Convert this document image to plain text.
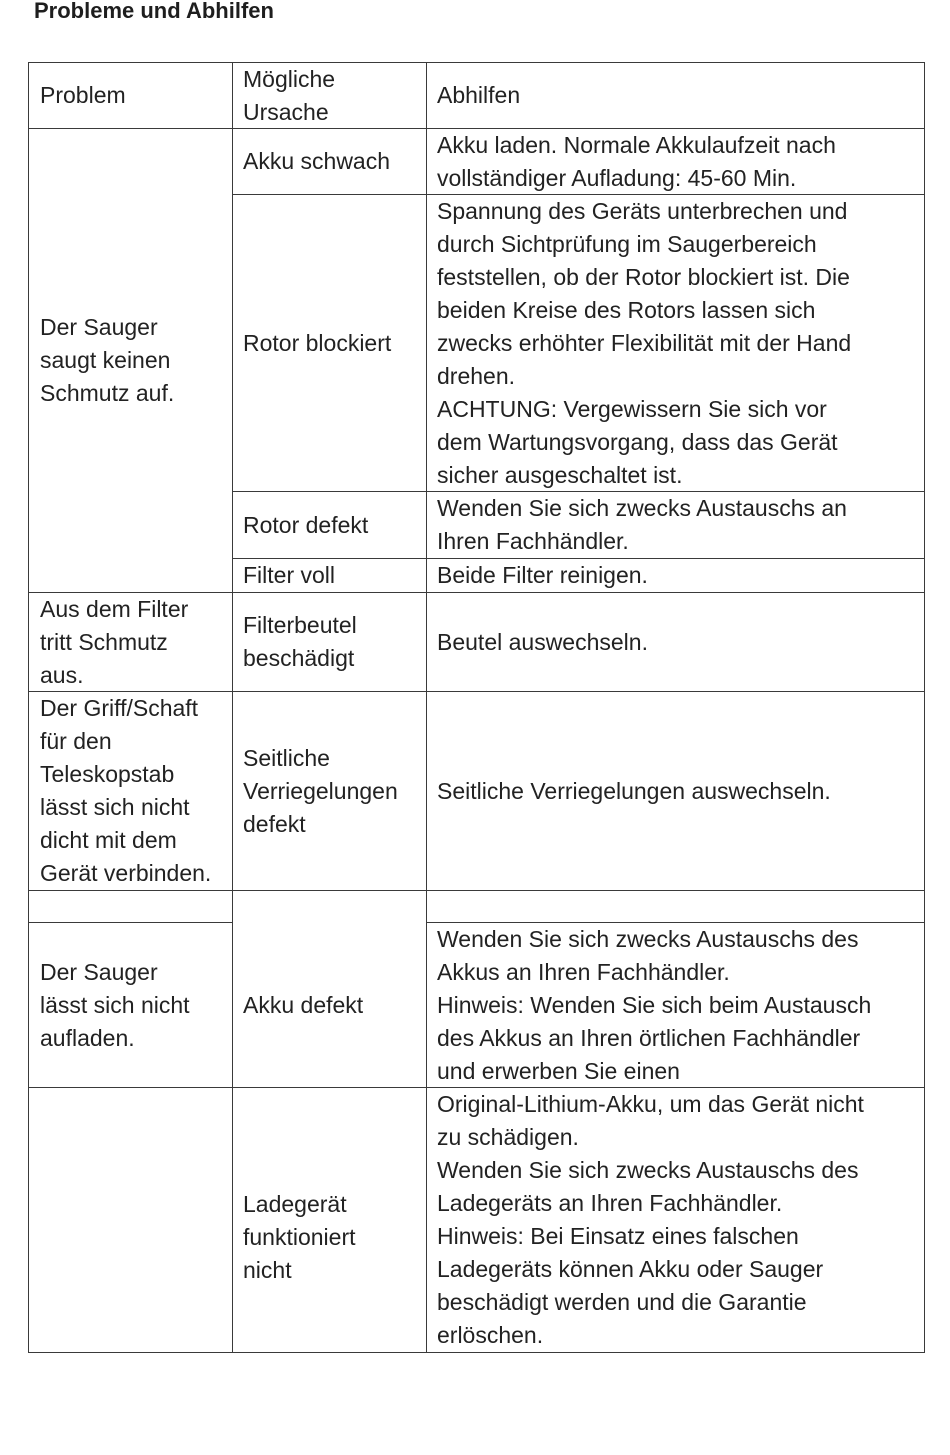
Probleme und Abhilfen
Problem
Mögliche
Ursache
Abhilfen
Der Sauger
saugt keinen
Schmutz auf.
Akku schwach
Akku laden. Normale Akkulaufzeit nach
vollständiger Aufladung: 45-60 Min.
Rotor blockiert
Spannung des Geräts unterbrechen und
durch Sichtprüfung im Saugerbereich
feststellen, ob der Rotor blockiert ist. Die
beiden Kreise des Rotors lassen sich
zwecks erhöhter Flexibilität mit der Hand
drehen.
ACHTUNG: Vergewissern Sie sich vor
dem Wartungsvorgang, dass das Gerät
sicher ausgeschaltet ist.
Rotor defekt
Wenden Sie sich zwecks Austauschs an
Ihren Fachhändler.
Filter voll	Beide Filter reinigen.
Aus dem Filter
tritt Schmutz
aus.
Filterbeutel
beschädigt
Beutel auswechseln.
Der Griff/Schaft
für den
Teleskopstab
lässt sich nicht
dicht mit dem
Gerät verbinden.
Seitliche
Verriegelungen
defekt
Seitliche Verriegelungen auswechseln.
Der Sauger
lässt sich nicht
aufladen.
Akku defekt
Wenden Sie sich zwecks Austauschs des
Akkus an Ihren Fachhändler.
Hinweis: Wenden Sie sich beim Austausch
des Akkus an Ihren örtlichen Fachhändler
und erwerben Sie einen
Ladegerät
funktioniert
nicht
Original-Lithium-Akku, um das Gerät nicht
zu schädigen.
Wenden Sie sich zwecks Austauschs des
Ladegeräts an Ihren Fachhändler.
Hinweis: Bei Einsatz eines falschen
Ladegeräts können Akku oder Sauger
beschädigt werden und die Garantie
erlöschen.
